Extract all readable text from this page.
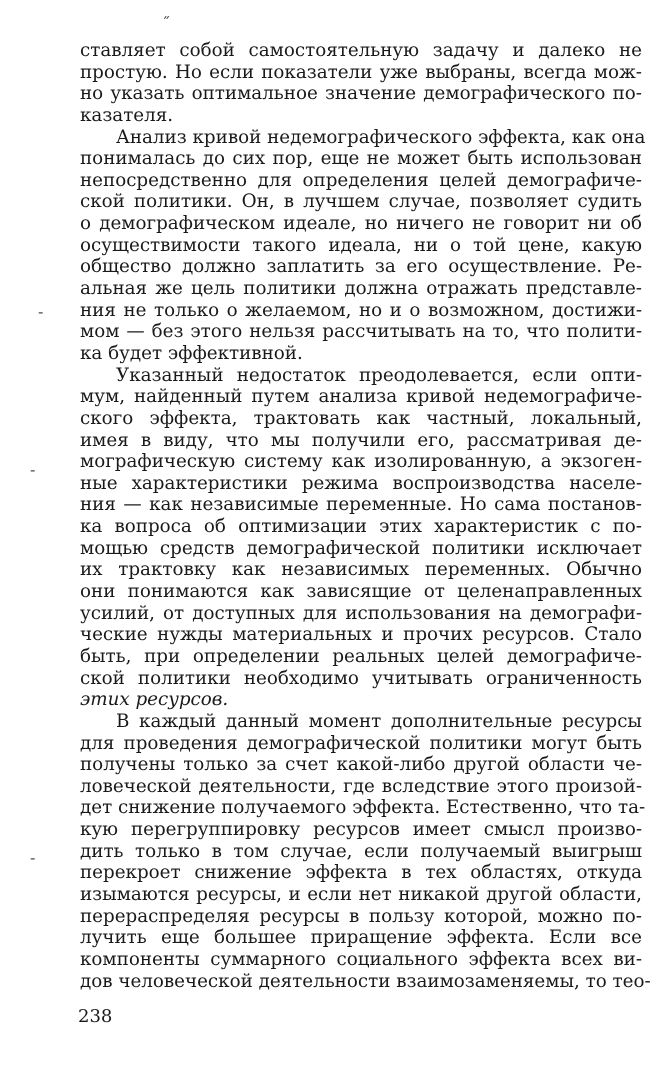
ставляет собой самостоятельную задачу и далеко не
простую. Но если показатели уже выбраны, всегда мож-
но указать оптимальное значение демографического по-
казателя.
Анализ кривой недемографического эффекта, как она
понималась до сих пор, еще не может быть использован
непосредственно для определения целей демографиче-
ской политики. Он, в лучшем случае, позволяет судить
о демографическом идеале, но ничего не говорит ни об
осуществимости такого идеала, ни о той цене, какую
общество должно заплатить за его осуществление. Ре-
альная же цель политики должна отражать представле-
ния не только о желаемом, но и о возможном, достижи-
мом — без этого нельзя рассчитывать на то, что полити-
ка будет эффективной.
Указанный недостаток преодолевается, если опти-
мум, найденный путем анализа кривой недемографиче-
ского эффекта, трактовать как частный, локальный,
имея в виду, что мы получили его, рассматривая де-
мографическую систему как изолированную, а экзоген-
ные характеристики режима воспроизводства населе-
ния — как независимые переменные. Но сама постанов-
ка вопроса об оптимизации этих характеристик с по-
мощью средств демографической политики исключает
их трактовку как независимых переменных. Обычно
они понимаются как зависящие от целенаправленных
усилий, от доступных для использования на демографи-
ческие нужды материальных и прочих ресурсов. Стало
быть, при определении реальных целей демографиче-
ской политики необходимо учитывать ограниченность
этих ресурсов.
В каждый данный момент дополнительные ресурсы
для проведения демографической политики могут быть
получены только за счет какой-либо другой области че-
ловеческой деятельности, где вследствие этого произой-
дет снижение получаемого эффекта. Естественно, что та-
кую перегруппировку ресурсов имеет смысл произво-
дить только в том случае, если получаемый выигрыш
перекроет снижение эффекта в тех областях, откуда
изымаются ресурсы, и если нет никакой другой области,
перераспределяя ресурсы в пользу которой, можно по-
лучить еще большее приращение эффекта. Если все
компоненты суммарного социального эффекта всех ви-
дов человеческой деятельности взаимозаменяемы, то тео-
238
˝
-
-
-
